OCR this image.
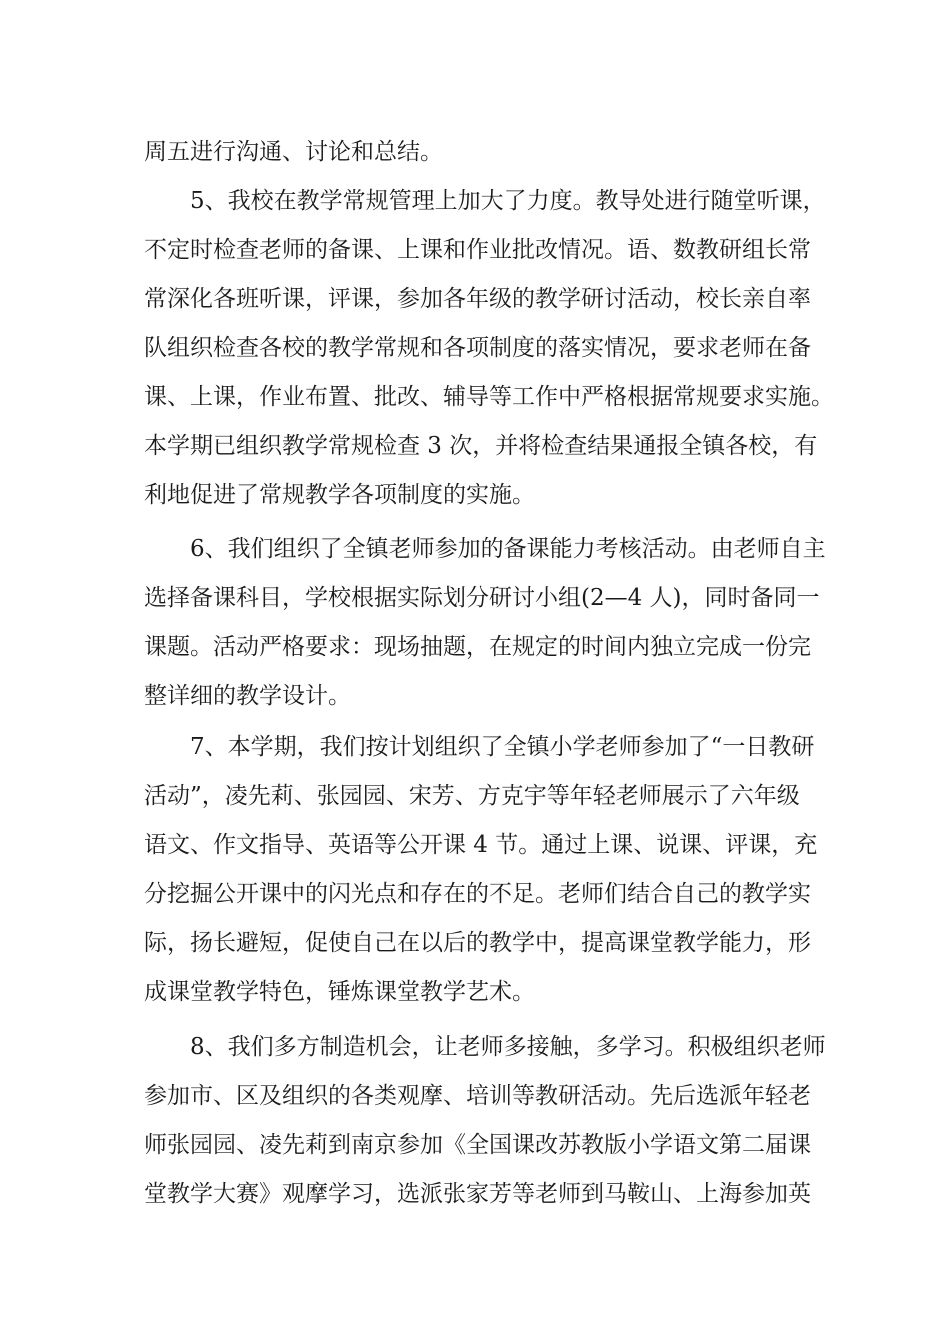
周五进行沟通、讨论和总结。
5、我校在教学常规管理上加大了力度。教导处进行随堂听课，
不定时检查老师的备课、上课和作业批改情况。语、数教研组长常
常深化各班听课，评课，参加各年级的教学研讨活动，校长亲自率
队组织检查各校的教学常规和各项制度的落实情况，要求老师在备
课、上课，作业布置、批改、辅导等工作中严格根据常规要求实施。
本学期已组织教学常规检查 3 次，并将检查结果通报全镇各校，有
利地促进了常规教学各项制度的实施。
6、我们组织了全镇老师参加的备课能力考核活动。由老师自主
选择备课科目，学校根据实际划分研讨小组(2—4 人)，同时备同一
课题。活动严格要求：现场抽题，在规定的时间内独立完成一份完
整详细的教学设计。
7、本学期，我们按计划组织了全镇小学老师参加了“一日教研
活动”，凌先莉、张园园、宋芳、方克宇等年轻老师展示了六年级
语文、作文指导、英语等公开课 4 节。通过上课、说课、评课，充
分挖掘公开课中的闪光点和存在的不足。老师们结合自己的教学实
际，扬长避短，促使自己在以后的教学中，提高课堂教学能力，形
成课堂教学特色，锤炼课堂教学艺术。
8、我们多方制造机会，让老师多接触，多学习。积极组织老师
参加市、区及组织的各类观摩、培训等教研活动。先后选派年轻老
师张园园、凌先莉到南京参加《全国课改苏教版小学语文第二届课
堂教学大赛》观摩学习，选派张家芳等老师到马鞍山、上海参加英
